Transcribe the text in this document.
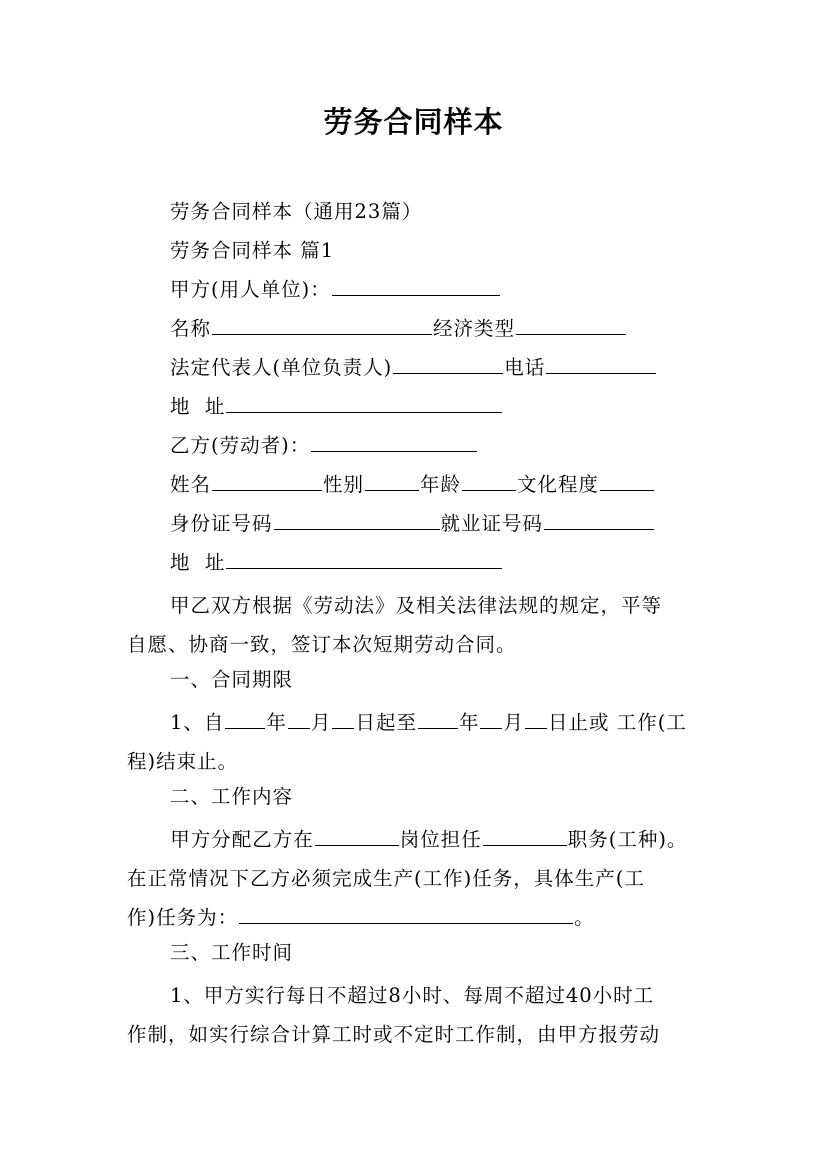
劳务合同样本
劳务合同样本（通用23篇）
劳务合同样本 篇1
甲方(用人单位)：
名称	经济类型
法定代表人(单位负责人)	电话
地  址
乙方(劳动者)：
姓名	性别	年龄	文化程度
身份证号码	就业证号码
地  址
甲乙双方根据《劳动法》及相关法律法规的规定，平等
自愿、协商一致，签订本次短期劳动合同。
一、合同期限
1、自 年 月 日起至 年 月 日止或 工作(工
程)结束止。
二、工作内容
甲方分配乙方在	岗位担任	职务(工种)。
在正常情况下乙方必须完成生产(工作)任务，具体生产(工
作)任务为：	。
三、工作时间
1、甲方实行每日不超过8小时、每周不超过40小时工
作制，如实行综合计算工时或不定时工作制，由甲方报劳动
